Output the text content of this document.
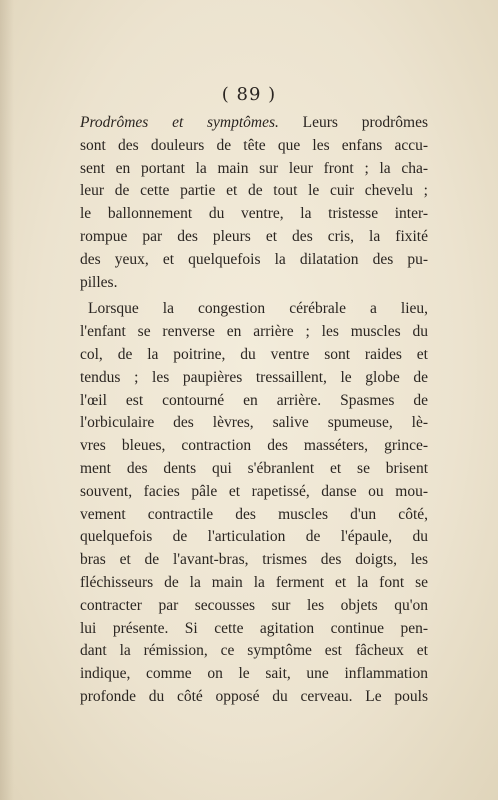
( 89 )
Prodrômes et symptômes. Leurs prodrômes
sont des douleurs de tête que les enfans accu-
sent en portant la main sur leur front ; la cha-
leur de cette partie et de tout le cuir chevelu ;
le ballonnement du ventre, la tristesse inter-
rompue par des pleurs et des cris, la fixité
des yeux, et quelquefois la dilatation des pu-
pilles.
Lorsque la congestion cérébrale a lieu,
l'enfant se renverse en arrière ; les muscles du
col, de la poitrine, du ventre sont raides et
tendus ; les paupières tressaillent, le globe de
l'œil est contourné en arrière. Spasmes de
l'orbiculaire des lèvres, salive spumeuse, lè-
vres bleues, contraction des masséters, grince-
ment des dents qui s'ébranlent et se brisent
souvent, facies pâle et rapetissé, danse ou mou-
vement contractile des muscles d'un côté,
quelquefois de l'articulation de l'épaule, du
bras et de l'avant-bras, trismes des doigts, les
fléchisseurs de la main la ferment et la font se
contracter par secousses sur les objets qu'on
lui présente. Si cette agitation continue pen-
dant la rémission, ce symptôme est fâcheux et
indique, comme on le sait, une inflammation
profonde du côté opposé du cerveau. Le pouls
